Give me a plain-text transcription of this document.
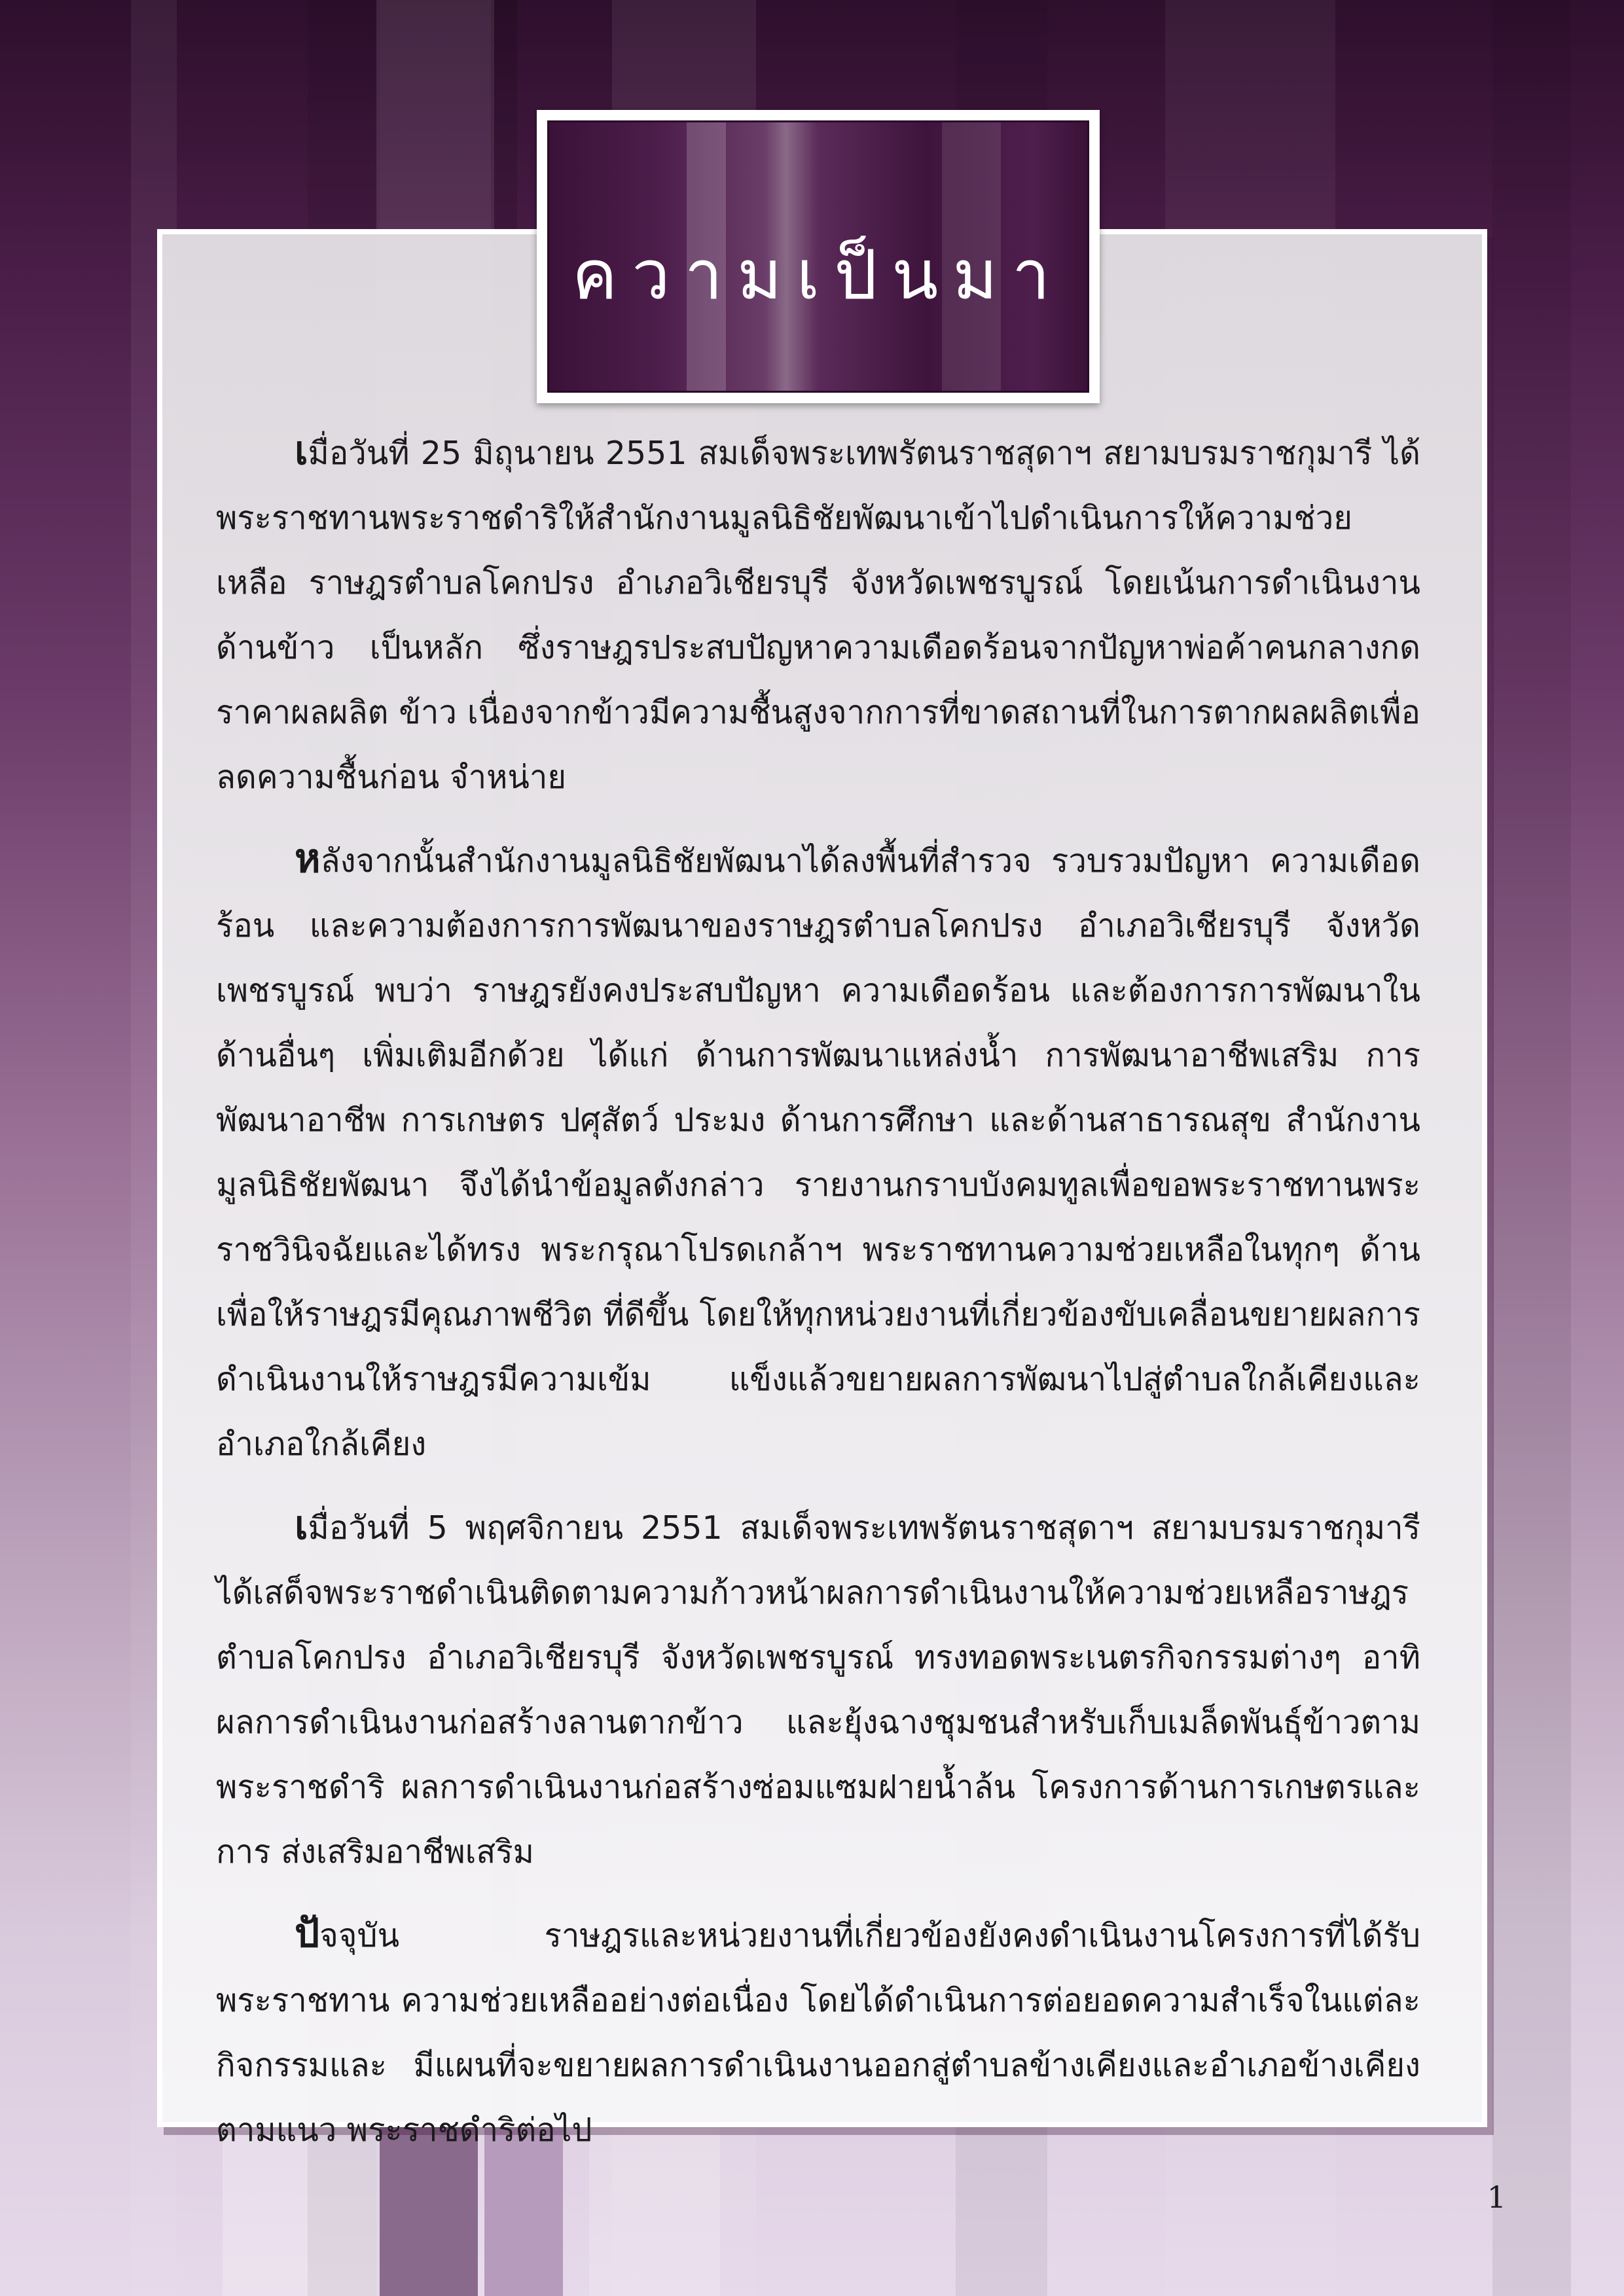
ความเป็นมา

เมื่อวันที่ 25 มิถุนายน 2551 สมเด็จพระเทพรัตนราชสุดาฯ สยามบรมราชกุมารี ได้พระราชทานพระราชดำริให้สำนักงานมูลนิธิชัยพัฒนาเข้าไปดำเนินการให้ความช่วยเหลือ ราษฎรตำบลโคกปรง อำเภอวิเชียรบุรี จังหวัดเพชรบูรณ์ โดยเน้นการดำเนินงานด้านข้าว เป็นหลัก ซึ่งราษฎรประสบปัญหาความเดือดร้อนจากปัญหาพ่อค้าคนกลางกดราคาผลผลิต ข้าว เนื่องจากข้าวมีความชื้นสูงจากการที่ขาดสถานที่ในการตากผลผลิตเพื่อลดความชื้นก่อน จำหน่าย

หลังจากนั้นสำนักงานมูลนิธิชัยพัฒนาได้ลงพื้นที่สำรวจ รวบรวมปัญหา ความเดือดร้อน และความต้องการการพัฒนาของราษฎรตำบลโคกปรง อำเภอวิเชียรบุรี จังหวัดเพชรบูรณ์ พบว่า ราษฎรยังคงประสบปัญหา ความเดือดร้อน และต้องการการพัฒนาในด้านอื่นๆ เพิ่มเติมอีกด้วย ได้แก่ ด้านการพัฒนาแหล่งน้ำ การพัฒนาอาชีพเสริม การพัฒนาอาชีพ การเกษตร ปศุสัตว์ ประมง ด้านการศึกษา และด้านสาธารณสุข สำนักงานมูลนิธิชัยพัฒนา จึงได้นำข้อมูลดังกล่าว รายงานกราบบังคมทูลเพื่อขอพระราชทานพระราชวินิจฉัยและได้ทรง พระกรุณาโปรดเกล้าฯ พระราชทานความช่วยเหลือในทุกๆ ด้าน เพื่อให้ราษฎรมีคุณภาพชีวิต ที่ดีขึ้น โดยให้ทุกหน่วยงานที่เกี่ยวข้องขับเคลื่อนขยายผลการดำเนินงานให้ราษฎรมีความเข้ม แข็งแล้วขยายผลการพัฒนาไปสู่ตำบลใกล้เคียงและอำเภอใกล้เคียง

เมื่อวันที่ 5 พฤศจิกายน 2551 สมเด็จพระเทพรัตนราชสุดาฯ สยามบรมราชกุมารี ได้เสด็จพระราชดำเนินติดตามความก้าวหน้าผลการดำเนินงานให้ความช่วยเหลือราษฎร ตำบลโคกปรง อำเภอวิเชียรบุรี จังหวัดเพชรบูรณ์ ทรงทอดพระเนตรกิจกรรมต่างๆ อาทิ ผลการดำเนินงานก่อสร้างลานตากข้าว และยุ้งฉางชุมชนสำหรับเก็บเมล็ดพันธุ์ข้าวตาม พระราชดำริ ผลการดำเนินงานก่อสร้างซ่อมแซมฝายน้ำล้น โครงการด้านการเกษตรและการ ส่งเสริมอาชีพเสริม

ปัจจุบัน ราษฎรและหน่วยงานที่เกี่ยวข้องยังคงดำเนินงานโครงการที่ได้รับพระราชทาน ความช่วยเหลืออย่างต่อเนื่อง โดยได้ดำเนินการต่อยอดความสำเร็จในแต่ละกิจกรรมและ มีแผนที่จะขยายผลการดำเนินงานออกสู่ตำบลข้างเคียงและอำเภอข้างเคียงตามแนว พระราชดำริต่อไป

1
